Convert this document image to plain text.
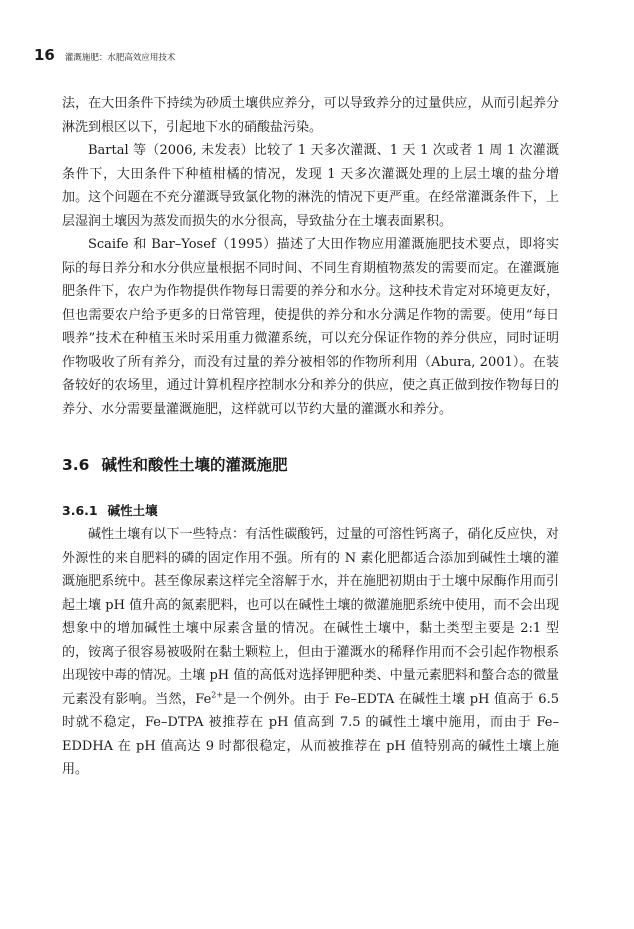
16 灌溉施肥：水肥高效应用技术

法，在大田条件下持续为砂质土壤供应养分，可以导致养分的过量供应，从而引起养分淋洗到根区以下，引起地下水的硝酸盐污染。

Bartal 等（2006, 未发表）比较了 1 天多次灌溉、1 天 1 次或者 1 周 1 次灌溉条件下，大田条件下种植柑橘的情况，发现 1 天多次灌溉处理的上层土壤的盐分增加。这个问题在不充分灌溉导致氯化物的淋洗的情况下更严重。在经常灌溉条件下，上层湿润土壤因为蒸发而损失的水分很高，导致盐分在土壤表面累积。

Scaife 和 Bar–Yosef（1995）描述了大田作物应用灌溉施肥技术要点，即将实际的每日养分和水分供应量根据不同时间、不同生育期植物蒸发的需要而定。在灌溉施肥条件下，农户为作物提供作物每日需要的养分和水分。这种技术肯定对环境更友好，但也需要农户给予更多的日常管理，使提供的养分和水分满足作物的需要。使用“每日喂养”技术在种植玉米时采用重力微灌系统，可以充分保证作物的养分供应，同时证明作物吸收了所有养分，而没有过量的养分被相邻的作物所利用（Abura, 2001）。在装备较好的农场里，通过计算机程序控制水分和养分的供应，使之真正做到按作物每日的养分、水分需要量灌溉施肥，这样就可以节约大量的灌溉水和养分。

3.6 碱性和酸性土壤的灌溉施肥
3.6.1 碱性土壤

碱性土壤有以下一些特点：有活性碳酸钙，过量的可溶性钙离子，硝化反应快，对外源性的来自肥料的磷的固定作用不强。所有的 N 素化肥都适合添加到碱性土壤的灌溉施肥系统中。甚至像尿素这样完全溶解于水，并在施肥初期由于土壤中尿酶作用而引起土壤 pH 值升高的氮素肥料，也可以在碱性土壤的微灌施肥系统中使用，而不会出现想象中的增加碱性土壤中尿素含量的情况。在碱性土壤中，黏土类型主要是 2:1 型的，铵离子很容易被吸附在黏土颗粒上，但由于灌溉水的稀释作用而不会引起作物根系出现铵中毒的情况。土壤 pH 值的高低对选择钾肥种类、中量元素肥料和螯合态的微量元素没有影响。当然，$Fe^{2+}$是一个例外。由于 Fe–EDTA 在碱性土壤 pH 值高于 6.5 时就不稳定，Fe–DTPA 被推荐在 pH 值高到 7.5 的碱性土壤中施用，而由于 Fe–EDDHA 在 pH 值高达 9 时都很稳定，从而被推荐在 pH 值特别高的碱性土壤上施用。
